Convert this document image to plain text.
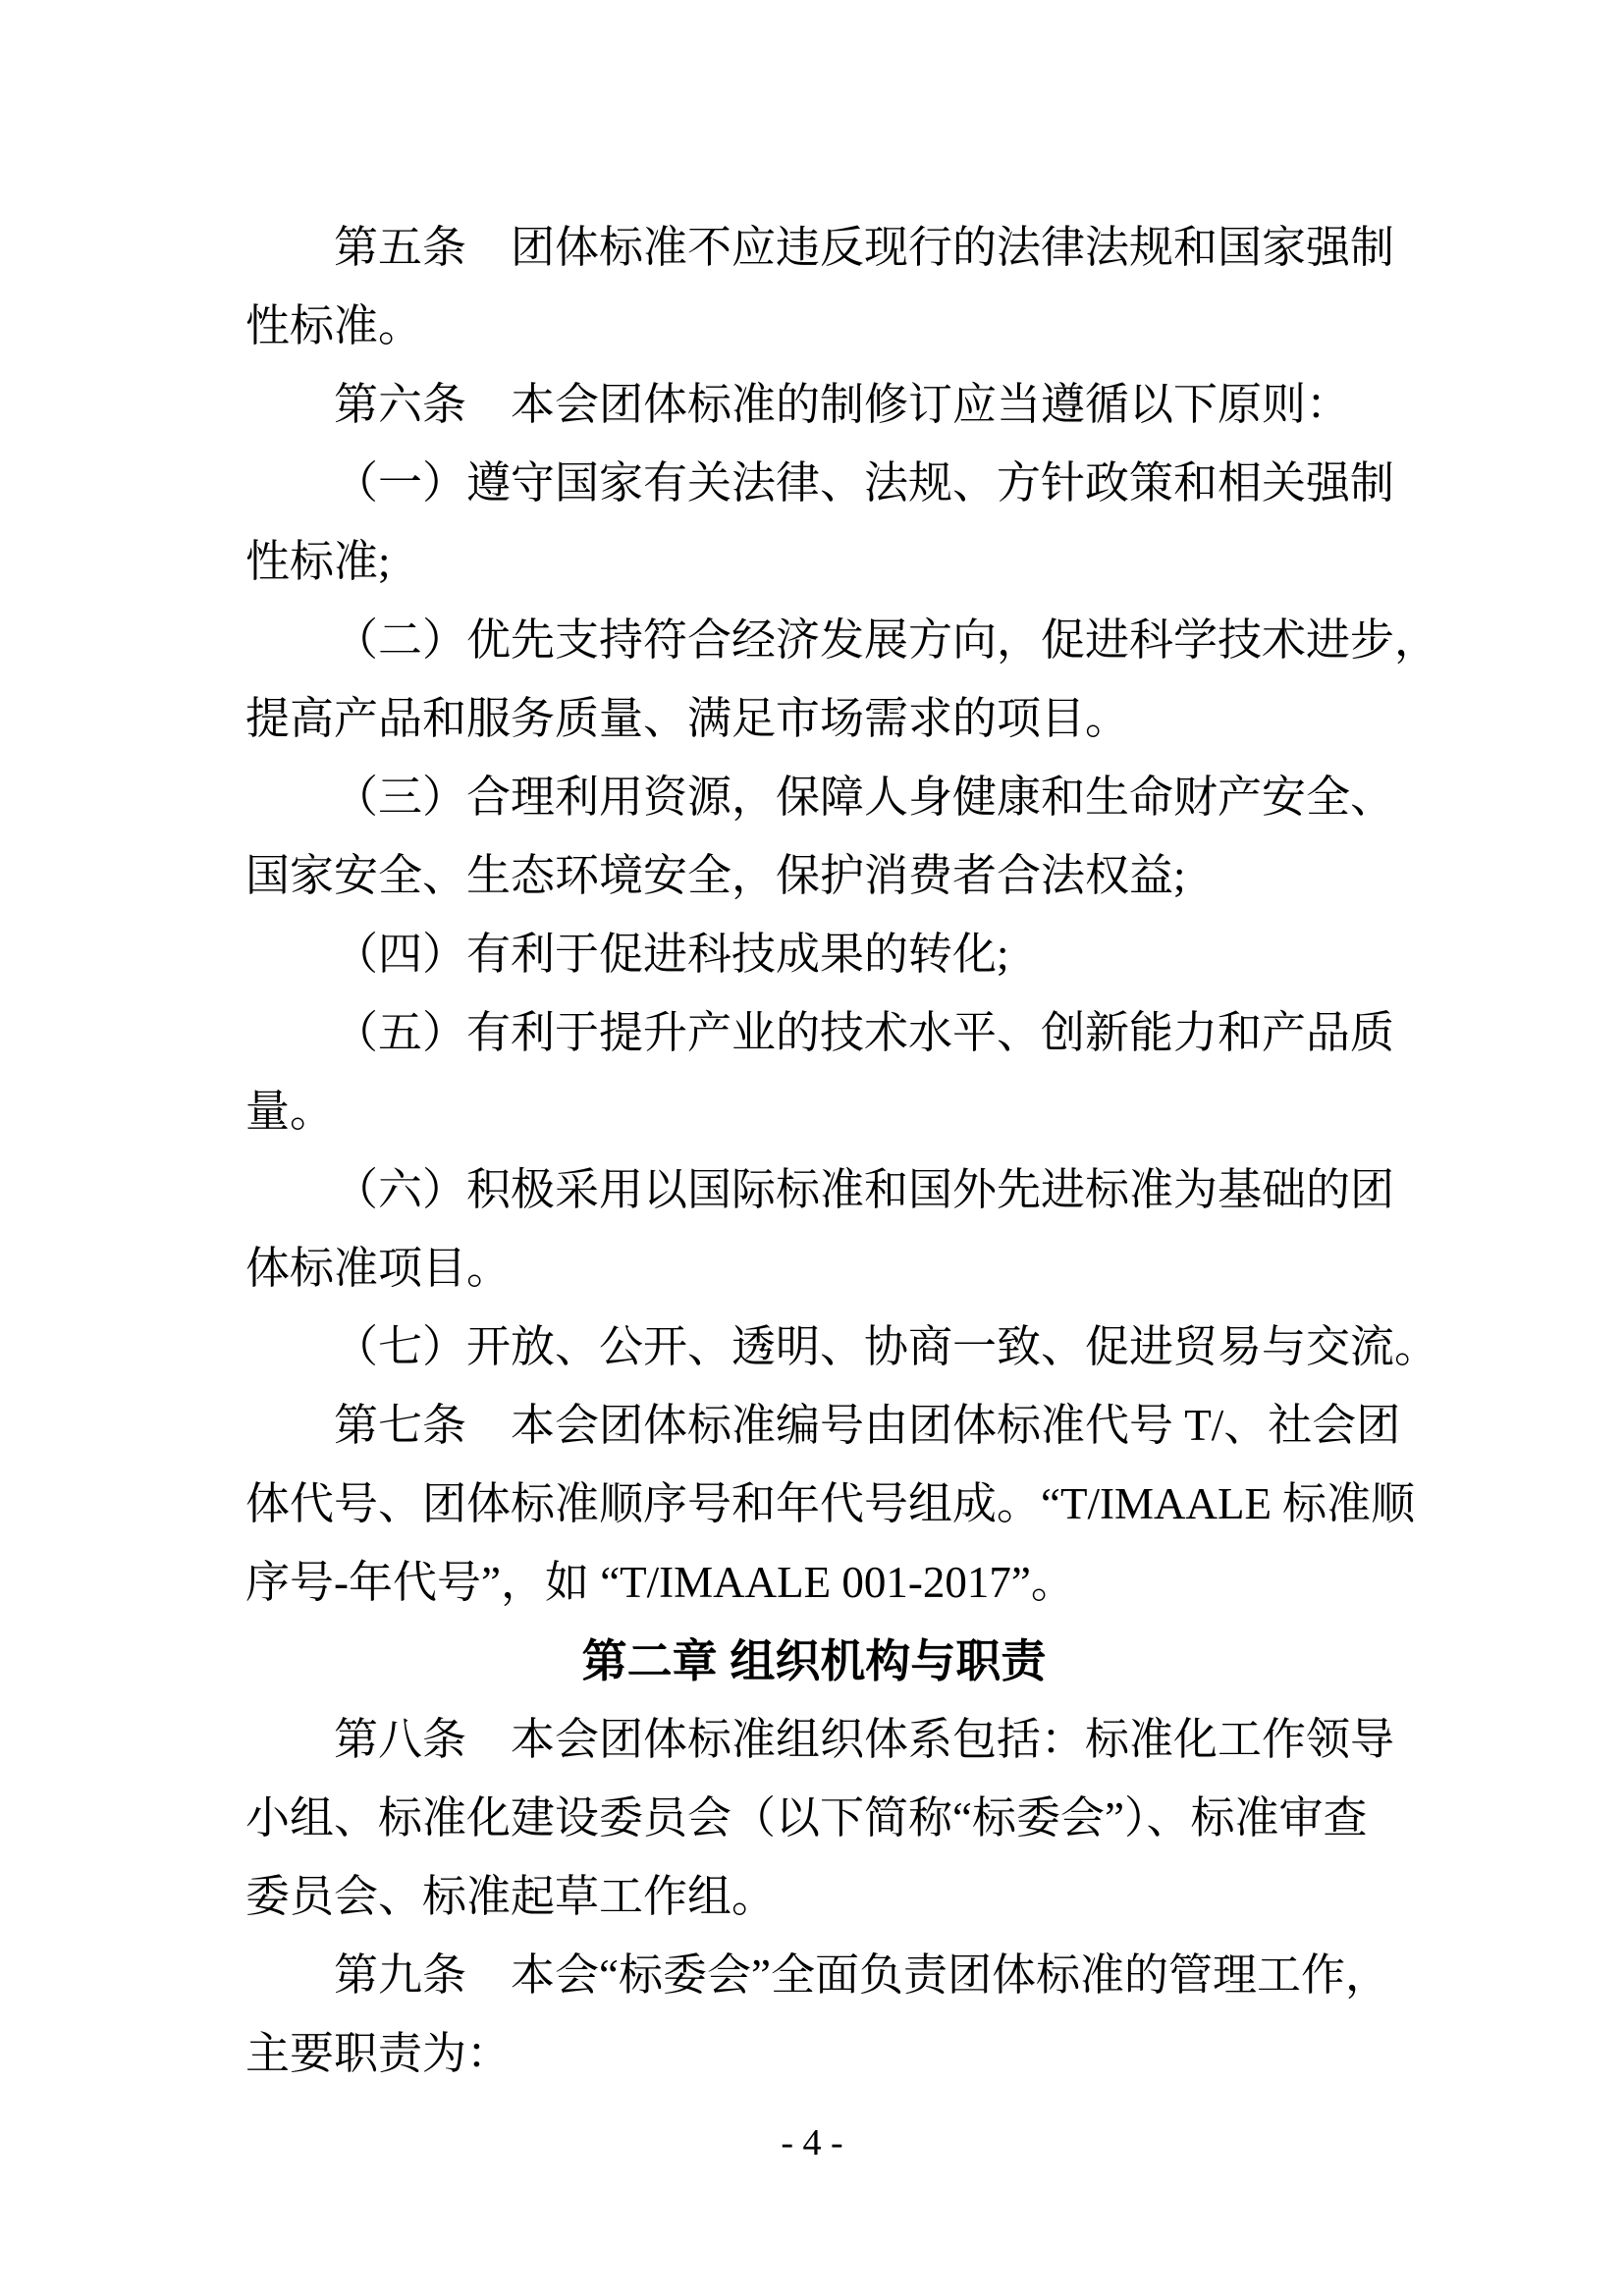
第五条　团体标准不应违反现行的法律法规和国家强制
性标准。
第六条　本会团体标准的制修订应当遵循以下原则：
（一）遵守国家有关法律、法规、方针政策和相关强制
性标准;
（二）优先支持符合经济发展方向，促进科学技术进步，
提高产品和服务质量、满足市场需求的项目。
（三）合理利用资源，保障人身健康和生命财产安全、
国家安全、生态环境安全，保护消费者合法权益;
（四）有利于促进科技成果的转化;
（五）有利于提升产业的技术水平、创新能力和产品质
量。
（六）积极采用以国际标准和国外先进标准为基础的团
体标准项目。
（七）开放、公开、透明、协商一致、促进贸易与交流。
第七条　本会团体标准编号由团体标准代号 T/、社会团
体代号、团体标准顺序号和年代号组成。“T/IMAALE 标准顺
序号-年代号”，如 “T/IMAALE 001-2017”。
第二章 组织机构与职责
第八条　本会团体标准组织体系包括：标准化工作领导
小组、标准化建设委员会（以下简称“标委会”）、标准审查
委员会、标准起草工作组。
第九条　本会“标委会”全面负责团体标准的管理工作，
主要职责为：
- 4 -
